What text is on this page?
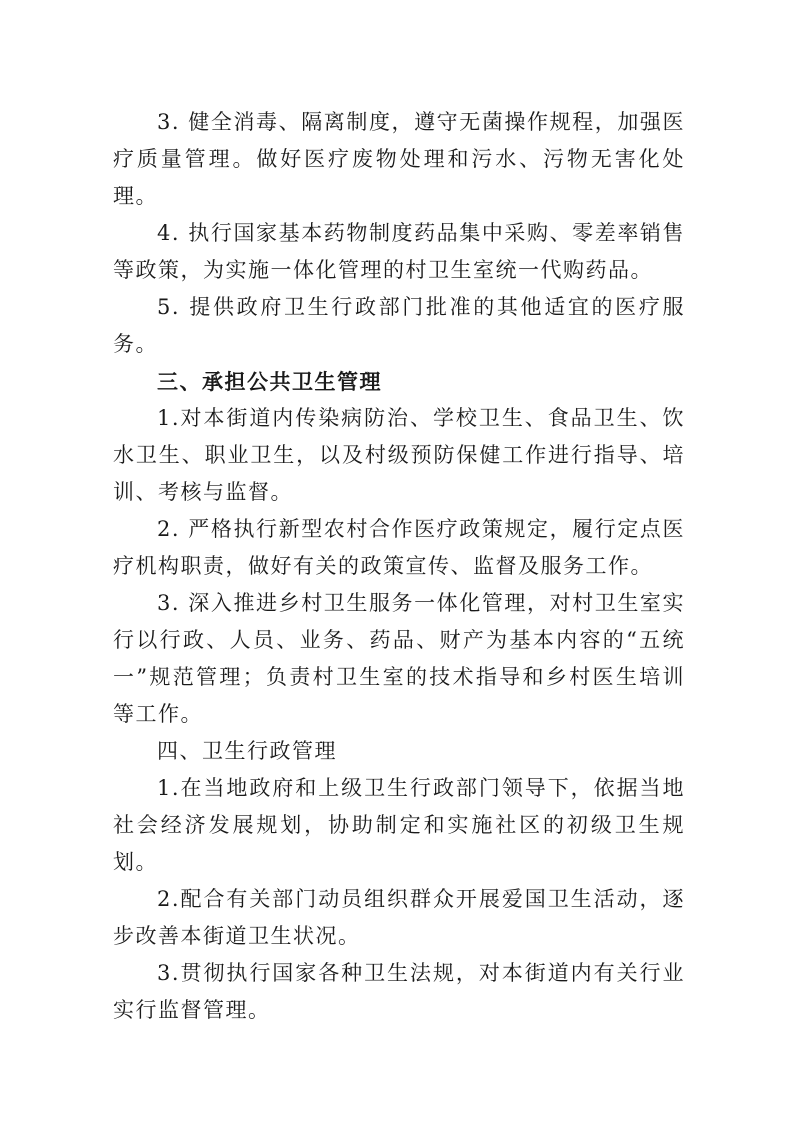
3. 健全消毒、隔离制度，遵守无菌操作规程，加强医疗质量管理。做好医疗废物处理和污水、污物无害化处理。

4. 执行国家基本药物制度药品集中采购、零差率销售等政策，为实施一体化管理的村卫生室统一代购药品。

5. 提供政府卫生行政部门批准的其他适宜的医疗服务。

三、承担公共卫生管理

1.对本街道内传染病防治、学校卫生、食品卫生、饮水卫生、职业卫生，以及村级预防保健工作进行指导、培训、考核与监督。

2. 严格执行新型农村合作医疗政策规定，履行定点医疗机构职责，做好有关的政策宣传、监督及服务工作。

3. 深入推进乡村卫生服务一体化管理，对村卫生室实行以行政、人员、业务、药品、财产为基本内容的“五统一”规范管理；负责村卫生室的技术指导和乡村医生培训等工作。

四、卫生行政管理

1.在当地政府和上级卫生行政部门领导下，依据当地社会经济发展规划，协助制定和实施社区的初级卫生规划。

2.配合有关部门动员组织群众开展爱国卫生活动，逐步改善本街道卫生状况。

3.贯彻执行国家各种卫生法规，对本街道内有关行业实行监督管理。
